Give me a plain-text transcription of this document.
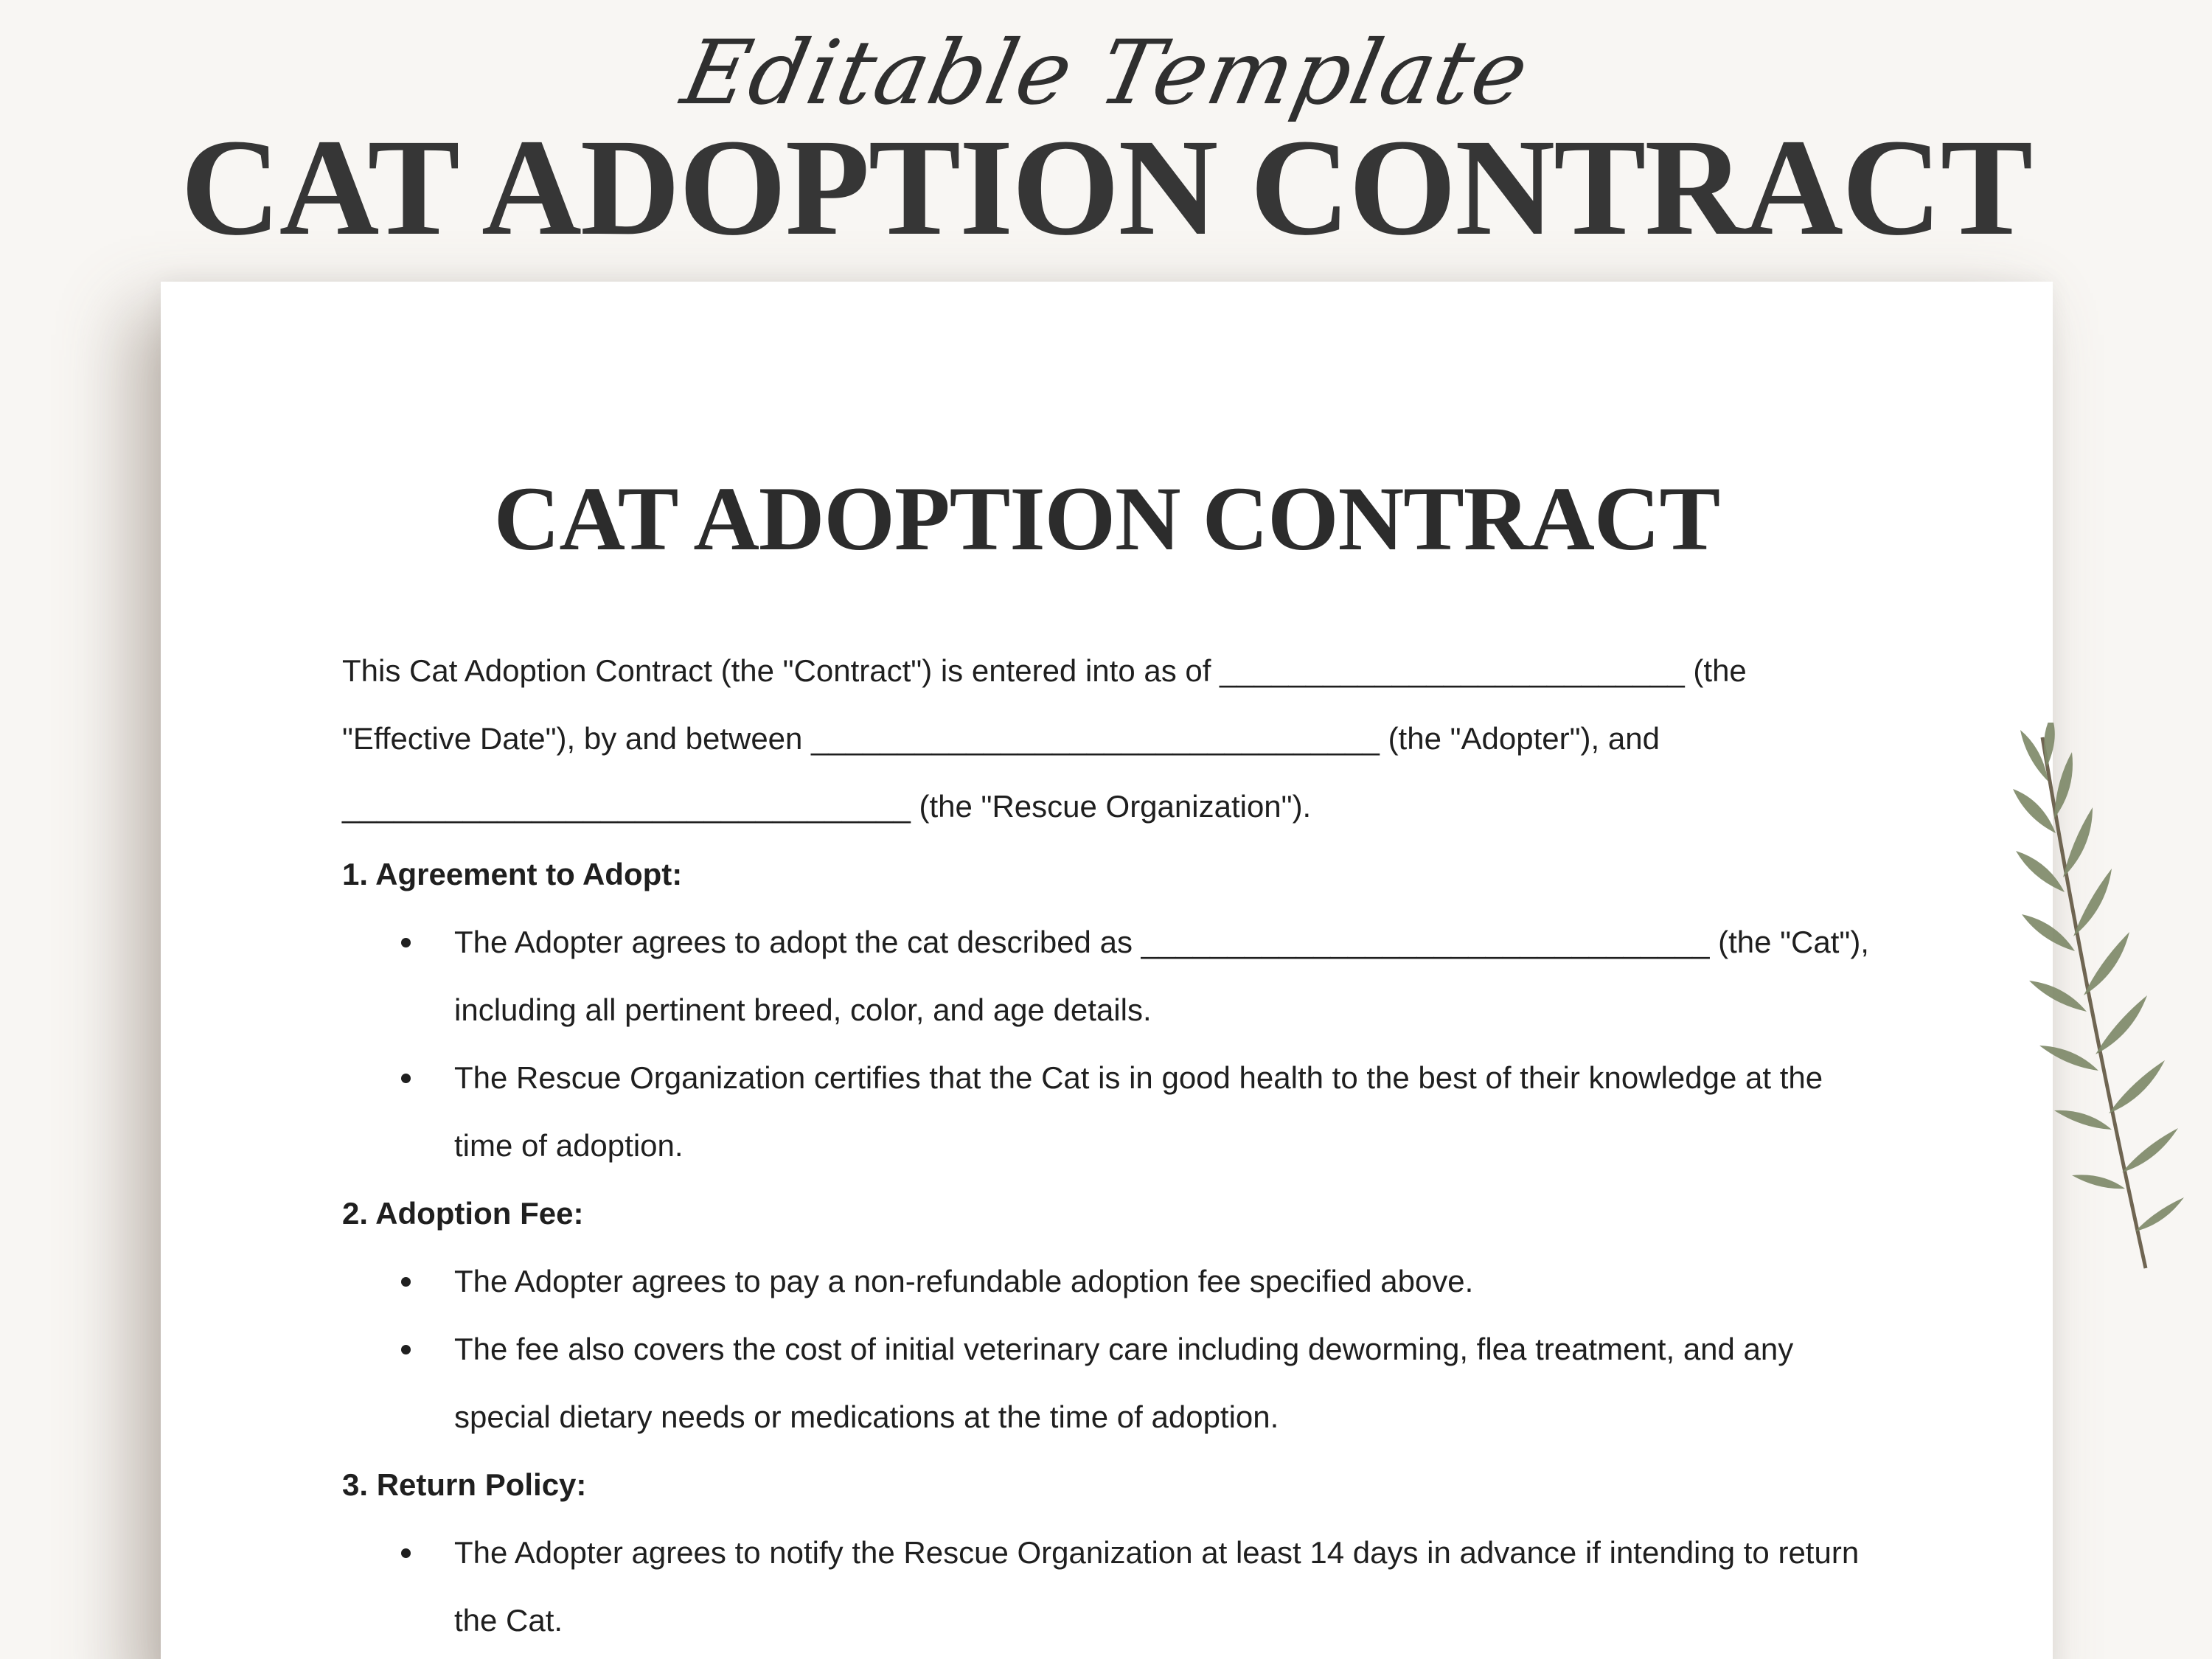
Editable Template
CAT ADOPTION CONTRACT
CAT ADOPTION CONTRACT

This Cat Adoption Contract (the "Contract") is entered into as of ___________________________ (the "Effective Date"), by and between _________________________________ (the "Adopter"), and _________________________________ (the "Rescue Organization").

1. Agreement to Adopt:

The Adopter agrees to adopt the cat described as _________________________________ (the "Cat"), including all pertinent breed, color, and age details.
The Rescue Organization certifies that the Cat is in good health to the best of their knowledge at the time of adoption.

2. Adoption Fee:

The Adopter agrees to pay a non-refundable adoption fee specified above.
The fee also covers the cost of initial veterinary care including deworming, flea treatment, and any special dietary needs or medications at the time of adoption.

3. Return Policy:

The Adopter agrees to notify the Rescue Organization at least 14 days in advance if intending to return the Cat.
